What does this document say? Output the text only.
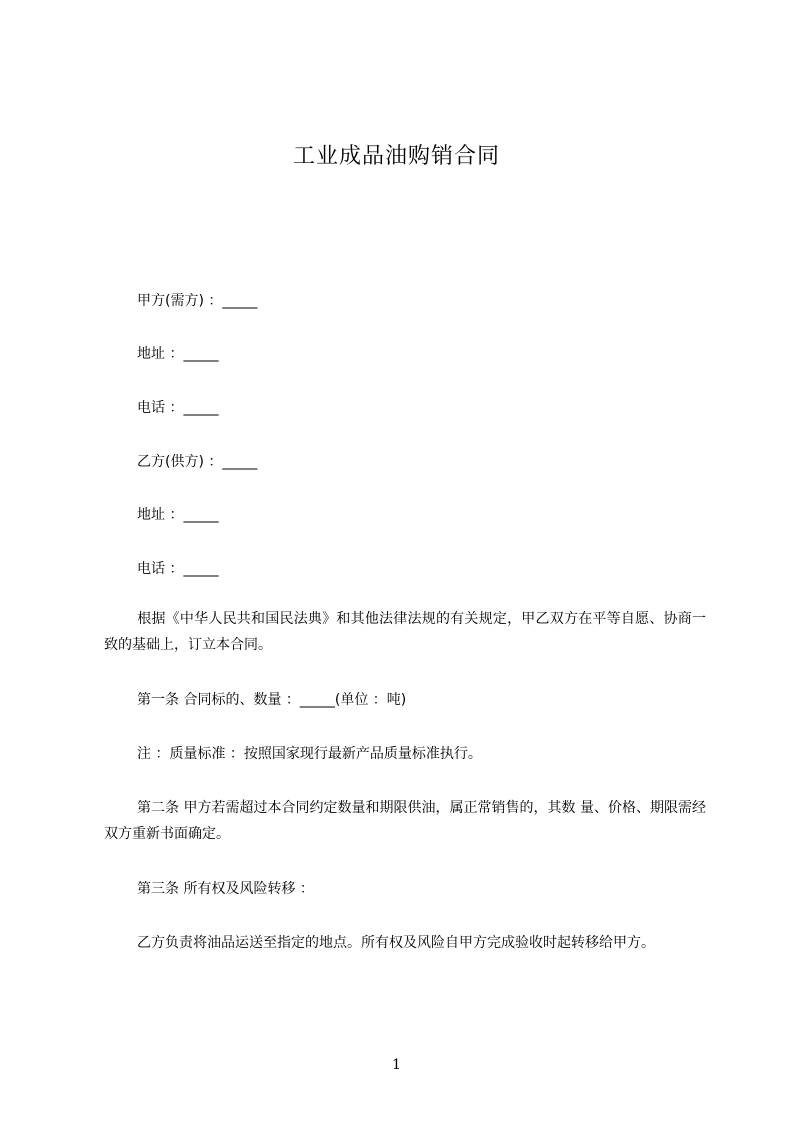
工业成品油购销合同
甲方(需方) ：_____
地址 ：_____
电话 ：_____
乙方(供方) ：_____
地址 ：_____
电话 ：_____
根据《中华人民共和国民法典》和其他法律法规的有关规定，甲乙双方在平等自愿、协商一致的基础上，订立本合同。
第一条 合同标的、数量 ：_____(单位 ：吨)
注 ：质量标准 ：按照国家现行最新产品质量标准执行。
第二条 甲方若需超过本合同约定数量和期限供油，属正常销售的，其数 量、价格、期限需经双方重新书面确定。
第三条 所有权及风险转移 ：
乙方负责将油品运送至指定的地点。所有权及风险自甲方完成验收时起转移给甲方。
1
